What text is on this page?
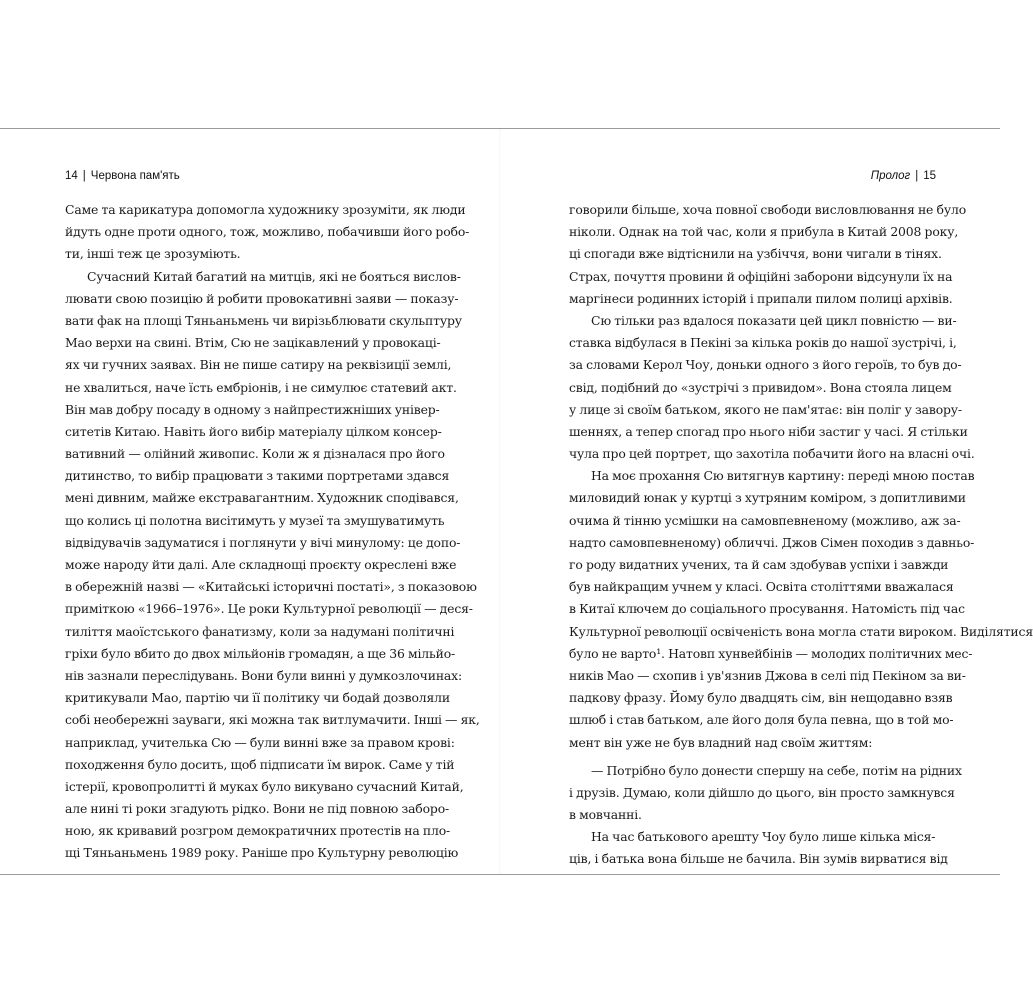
14 | Червона пам'ять	Пролог | 15
Саме та карикатура допомогла художнику зрозуміти, як люди
йдуть одне проти одного, тож, можливо, побачивши його робо-
ти, інші теж це зрозуміють.
Сучасний Китай багатий на митців, які не бояться вислов-
лювати свою позицію й робити провокативні заяви — показу-
вати фак на площі Тяньаньмень чи вирізьблювати скульптуру
Мао верхи на свині. Втім, Сю не зацікавлений у провокаці-
ях чи гучних заявах. Він не пише сатиру на реквізиції землі,
не хвалиться, наче їсть ембріонів, і не симулює статевий акт.
Він мав добру посаду в одному з найпрестижніших універ-
ситетів Китаю. Навіть його вибір матеріалу цілком консер-
вативний — олійний живопис. Коли ж я дізналася про його
дитинство, то вибір працювати з такими портретами здався
мені дивним, майже екстравагантним. Художник сподівався,
що колись ці полотна висітимуть у музеї та змушуватимуть
відвідувачів задуматися і поглянути у вічі минулому: це допо-
може народу йти далі. Але складнощі проєкту окреслені вже
в обережній назві — «Китайські історичні постаті», з показовою
приміткою «1966–1976». Це роки Культурної революції — деся-
тиліття маоїстського фанатизму, коли за надумані політичні
гріхи було вбито до двох мільйонів громадян, а ще 36 мільйо-
нів зазнали переслідувань. Вони були винні у думкозлочинах:
критикували Мао, партію чи її політику чи бодай дозволяли
собі необережні зауваги, які можна так витлумачити. Інші — як,
наприклад, учителька Сю — були винні вже за правом крові:
походження було досить, щоб підписати їм вирок. Саме у тій
істерії, кровопролитті й муках було викувано сучасний Китай,
але нині ті роки згадують рідко. Вони не під повною заборо-
ною, як кривавий розгром демократичних протестів на пло-
щі Тяньаньмень 1989 року. Раніше про Культурну революцію
говорили більше, хоча повної свободи висловлювання не було
ніколи. Однак на той час, коли я прибула в Китай 2008 року,
ці спогади вже відтіснили на узбіччя, вони чигали в тінях.
Страх, почуття провини й офіційні заборони відсунули їх на
маргінеси родинних історій і припали пилом полиці архівів.
Сю тільки раз вдалося показати цей цикл повністю — ви-
ставка відбулася в Пекіні за кілька років до нашої зустрічі, і,
за словами Керол Чоу, доньки одного з його героїв, то був до-
свід, подібний до «зустрічі з привидом». Вона стояла лицем
у лице зі своїм батьком, якого не пам'ятає: він поліг у завору-
шеннях, а тепер спогад про нього ніби застиг у часі. Я стільки
чула про цей портрет, що захотіла побачити його на власні очі.
На моє прохання Сю витягнув картину: переді мною постав
миловидий юнак у куртці з хутряним коміром, з допитливими
очима й тінню усмішки на самовпевненому (можливо, аж за-
надто самовпевненому) обличчі. Джов Сімен походив з давньо-
го роду видатних учених, та й сам здобував успіхи і завжди
був найкращим учнем у класі. Освіта століттями вважалася
в Китаї ключем до соціального просування. Натомість під час
Культурної революції освіченість вона могла стати вироком. Виділятися
було не варто¹. Натовп хунвейбінів — молодих політичних мес-
ників Мао — схопив і ув'язнив Джова в селі під Пекіном за ви-
падкову фразу. Йому було двадцять сім, він нещодавно взяв
шлюб і став батьком, але його доля була певна, що в той мо-
мент він уже не був владний над своїм життям:
— Потрібно було донести спершу на себе, потім на рідних
і друзів. Думаю, коли дійшло до цього, він просто замкнувся
в мовчанні.
На час батькового арешту Чоу було лише кілька міся-
ців, і батька вона більше не бачила. Він зумів вирватися від
